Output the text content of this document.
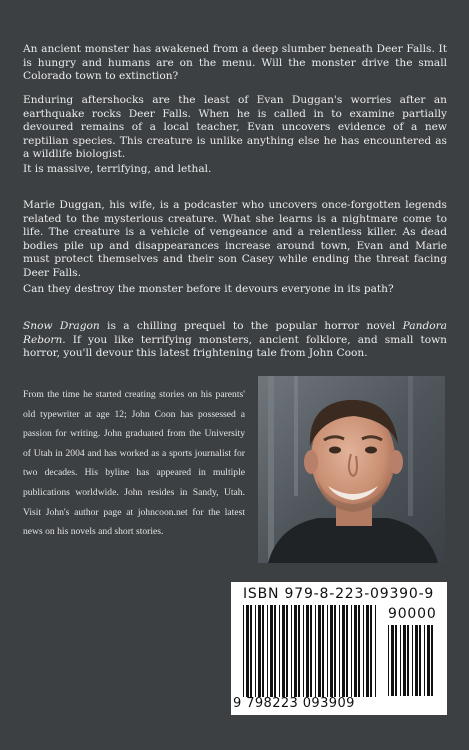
An ancient monster has awakened from a deep slumber beneath Deer Falls. It is hungry and humans are on the menu. Will the monster drive the small Colorado town to extinction?

Enduring aftershocks are the least of Evan Duggan's worries after an earthquake rocks Deer Falls. When he is called in to examine partially devoured remains of a local teacher, Evan uncovers evidence of a new reptilian species. This creature is unlike anything else he has encountered as a wildlife biologist.

It is massive, terrifying, and lethal.

Marie Duggan, his wife, is a podcaster who uncovers once-forgotten legends related to the mysterious creature. What she learns is a nightmare come to life. The creature is a vehicle of vengeance and a relentless killer. As dead bodies pile up and disappearances increase around town, Evan and Marie must protect themselves and their son Casey while ending the threat facing Deer Falls.

Can they destroy the monster before it devours everyone in its path?

Snow Dragon is a chilling prequel to the popular horror novel Pandora Reborn. If you like terrifying monsters, ancient folklore, and small town horror, you'll devour this latest frightening tale from John Coon.

From the time he started creating stories on his parents' old typewriter at age 12; John Coon has possessed a passion for writing. John graduated from the University of Utah in 2004 and has worked as a sports journalist for two decades. His byline has appeared in multiple publications worldwide. John resides in Sandy, Utah. Visit John's author page at johncoon.net for the latest news on his novels and short stories.

ISBN 979-8-223-09390-9
90000
9 798223 093909
